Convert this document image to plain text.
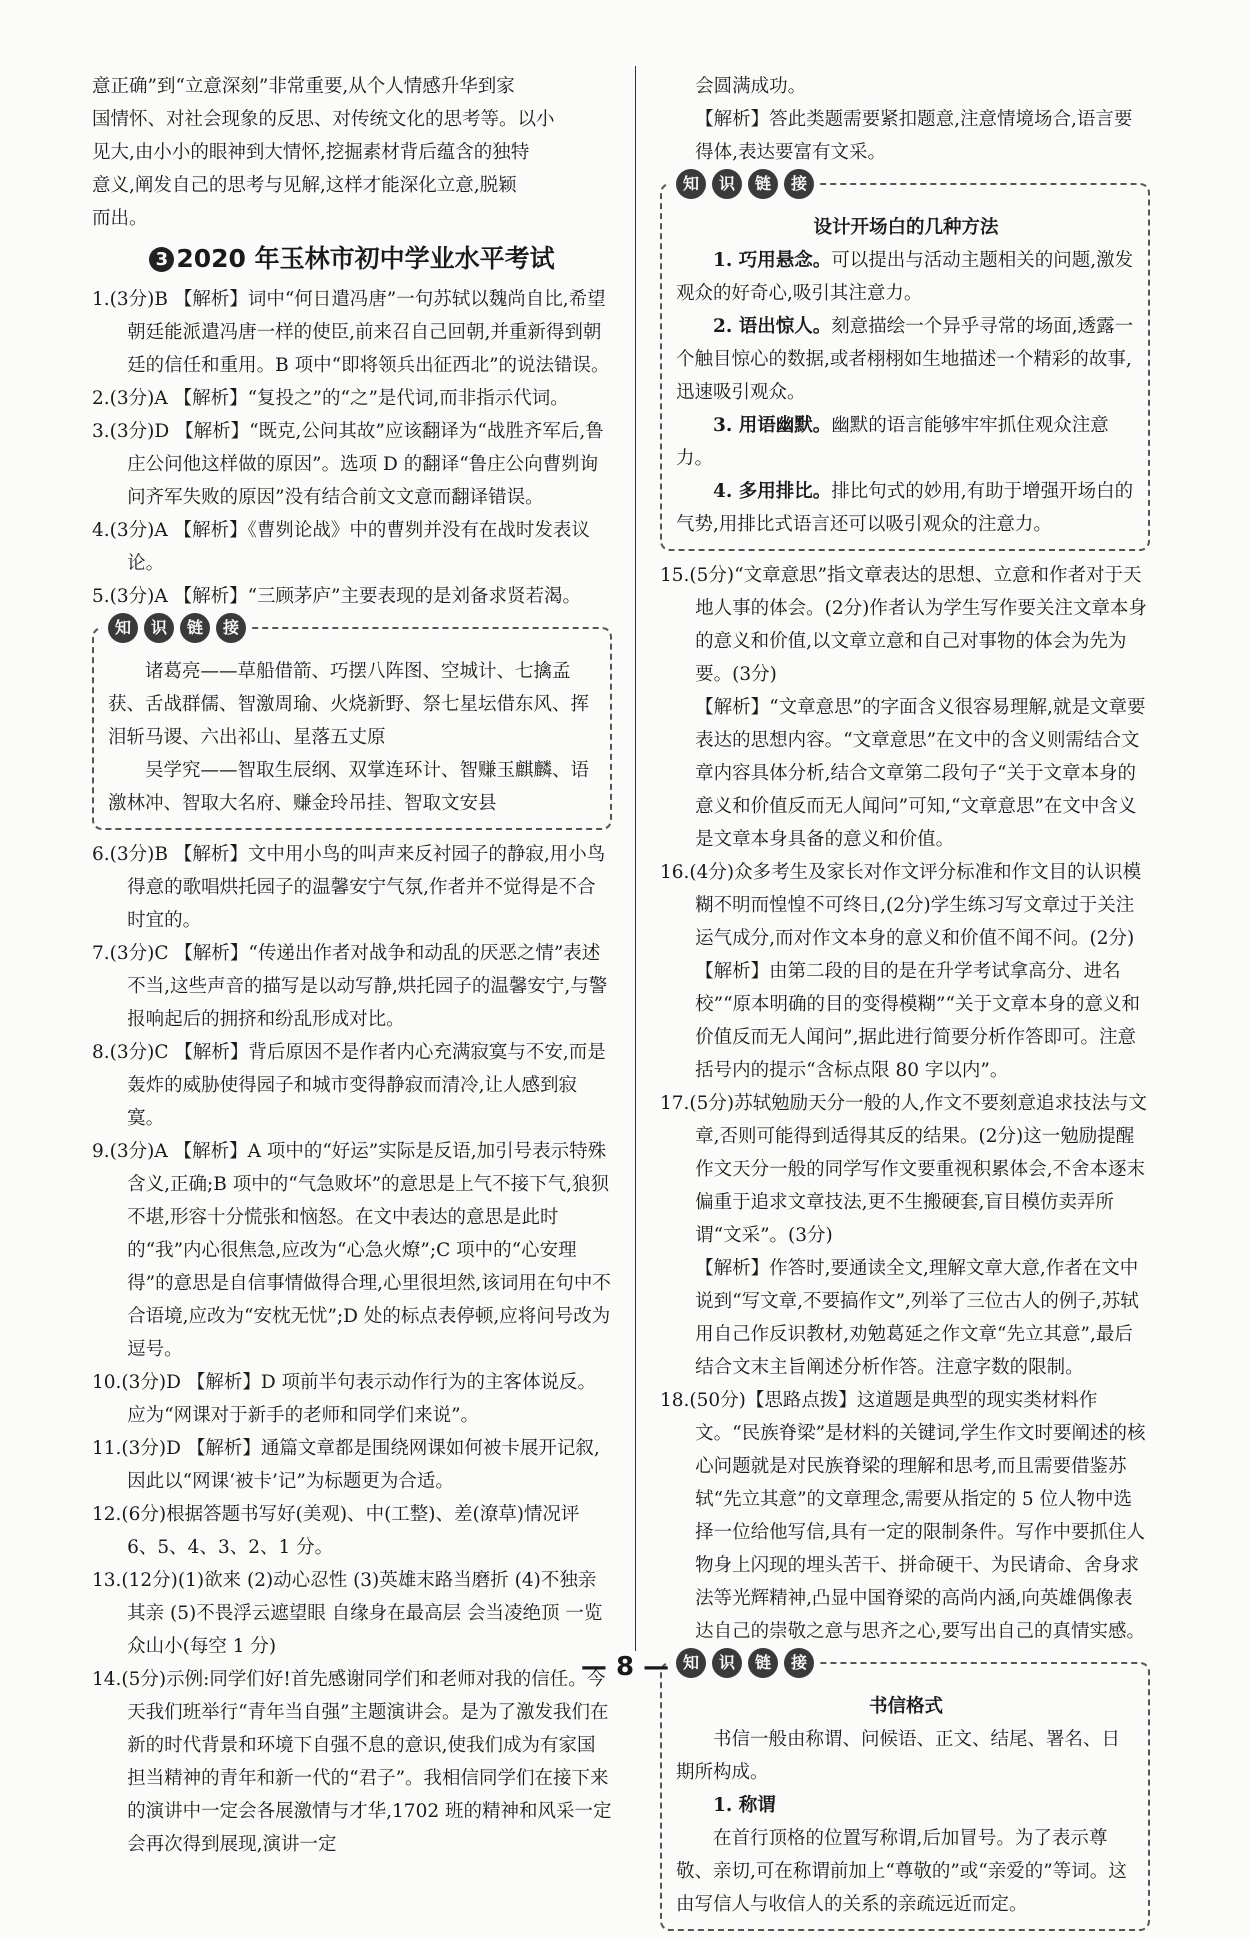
意正确”到“立意深刻”非常重要,从个人情感升华到家

国情怀、对社会现象的反思、对传统文化的思考等。以小

见大,由小小的眼神到大情怀,挖掘素材背后蕴含的独特

意义,阐发自己的思考与见解,这样才能深化立意,脱颖

而出。

3 2020 年玉林市初中学业水平考试

1.(3分)B 【解析】词中“何日遣冯唐”一句苏轼以魏尚自比,希望朝廷能派遣冯唐一样的使臣,前来召自己回朝,并重新得到朝廷的信任和重用。B 项中“即将领兵出征西北”的说法错误。

2.(3分)A 【解析】“复投之”的“之”是代词,而非指示代词。

3.(3分)D 【解析】“既克,公问其故”应该翻译为“战胜齐军后,鲁庄公问他这样做的原因”。选项 D 的翻译“鲁庄公向曹刿询问齐军失败的原因”没有结合前文文意而翻译错误。

4.(3分)A 【解析】《曹刿论战》中的曹刿并没有在战时发表议论。

5.(3分)A 【解析】“三顾茅庐”主要表现的是刘备求贤若渴。

知	识	链	接

诸葛亮——草船借箭、巧摆八阵图、空城计、七擒孟获、舌战群儒、智激周瑜、火烧新野、祭七星坛借东风、挥泪斩马谡、六出祁山、星落五丈原

吴学究——智取生辰纲、双掌连环计、智赚玉麒麟、语激林冲、智取大名府、赚金玲吊挂、智取文安县

6.(3分)B 【解析】文中用小鸟的叫声来反衬园子的静寂,用小鸟得意的歌唱烘托园子的温馨安宁气氛,作者并不觉得是不合时宜的。

7.(3分)C 【解析】“传递出作者对战争和动乱的厌恶之情”表述不当,这些声音的描写是以动写静,烘托园子的温馨安宁,与警报响起后的拥挤和纷乱形成对比。

8.(3分)C 【解析】背后原因不是作者内心充满寂寞与不安,而是轰炸的威胁使得园子和城市变得静寂而清冷,让人感到寂寞。

9.(3分)A 【解析】A 项中的“好运”实际是反语,加引号表示特殊含义,正确;B 项中的“气急败坏”的意思是上气不接下气,狼狈不堪,形容十分慌张和恼怒。在文中表达的意思是此时的“我”内心很焦急,应改为“心急火燎”;C 项中的“心安理得”的意思是自信事情做得合理,心里很坦然,该词用在句中不合语境,应改为“安枕无忧”;D 处的标点表停顿,应将问号改为逗号。

10.(3分)D 【解析】D 项前半句表示动作行为的主客体说反。应为“网课对于新手的老师和同学们来说”。

11.(3分)D 【解析】通篇文章都是围绕网课如何被卡展开记叙,因此以“网课‘被卡’记”为标题更为合适。

12.(6分)根据答题书写好(美观)、中(工整)、差(潦草)情况评 6、5、4、3、2、1 分。

13.(12分)(1)欲来 (2)动心忍性 (3)英雄末路当磨折 (4)不独亲其亲 (5)不畏浮云遮望眼 自缘身在最高层 会当凌绝顶 一览众山小(每空 1 分)

14.(5分)示例:同学们好!首先感谢同学们和老师对我的信任。今天我们班举行“青年当自强”主题演讲会。是为了激发我们在新的时代背景和环境下自强不息的意识,使我们成为有家国担当精神的青年和新一代的“君子”。我相信同学们在接下来的演讲中一定会各展激情与才华,1702 班的精神和风采一定会再次得到展现,演讲一定

会圆满成功。

【解析】答此类题需要紧扣题意,注意情境场合,语言要得体,表达要富有文采。

知	识	链	接

设计开场白的几种方法

1. 巧用悬念。可以提出与活动主题相关的问题,激发观众的好奇心,吸引其注意力。

2. 语出惊人。刻意描绘一个异乎寻常的场面,透露一个触目惊心的数据,或者栩栩如生地描述一个精彩的故事,迅速吸引观众。

3. 用语幽默。幽默的语言能够牢牢抓住观众注意力。

4. 多用排比。排比句式的妙用,有助于增强开场白的气势,用排比式语言还可以吸引观众的注意力。

15.(5分)“文章意思”指文章表达的思想、立意和作者对于天地人事的体会。(2分)作者认为学生写作要关注文章本身的意义和价值,以文章立意和自己对事物的体会为先为要。(3分)

【解析】“文章意思”的字面含义很容易理解,就是文章要表达的思想内容。“文章意思”在文中的含义则需结合文章内容具体分析,结合文章第二段句子“关于文章本身的意义和价值反而无人闻问”可知,“文章意思”在文中含义是文章本身具备的意义和价值。

16.(4分)众多考生及家长对作文评分标准和作文目的认识模糊不明而惶惶不可终日,(2分)学生练习写文章过于关注运气成分,而对作文本身的意义和价值不闻不问。(2分)

【解析】由第二段的目的是在升学考试拿高分、进名校”“原本明确的目的变得模糊”“关于文章本身的意义和价值反而无人闻问”,据此进行简要分析作答即可。注意括号内的提示“含标点限 80 字以内”。

17.(5分)苏轼勉励天分一般的人,作文不要刻意追求技法与文章,否则可能得到适得其反的结果。(2分)这一勉励提醒作文天分一般的同学写作文要重视积累体会,不舍本逐末偏重于追求文章技法,更不生搬硬套,盲目模仿卖弄所谓“文采”。(3分)

【解析】作答时,要通读全文,理解文章大意,作者在文中说到“写文章,不要搞作文”,列举了三位古人的例子,苏轼用自己作反识教材,劝勉葛延之作文章“先立其意”,最后结合文末主旨阐述分析作答。注意字数的限制。

18.(50分)【思路点拨】这道题是典型的现实类材料作文。“民族脊梁”是材料的关键词,学生作文时要阐述的核心问题就是对民族脊梁的理解和思考,而且需要借鉴苏轼“先立其意”的文章理念,需要从指定的 5 位人物中选择一位给他写信,具有一定的限制条件。写作中要抓住人物身上闪现的埋头苦干、拼命硬干、为民请命、舍身求法等光辉精神,凸显中国脊梁的高尚内涵,向英雄偶像表达自己的崇敬之意与思齐之心,要写出自己的真情实感。

知	识	链	接

书信格式

书信一般由称谓、问候语、正文、结尾、署名、日期所构成。

1. 称谓

在首行顶格的位置写称谓,后加冒号。为了表示尊敬、亲切,可在称谓前加上“尊敬的”或“亲爱的”等词。这由写信人与收信人的关系的亲疏远近而定。

— 8 —
